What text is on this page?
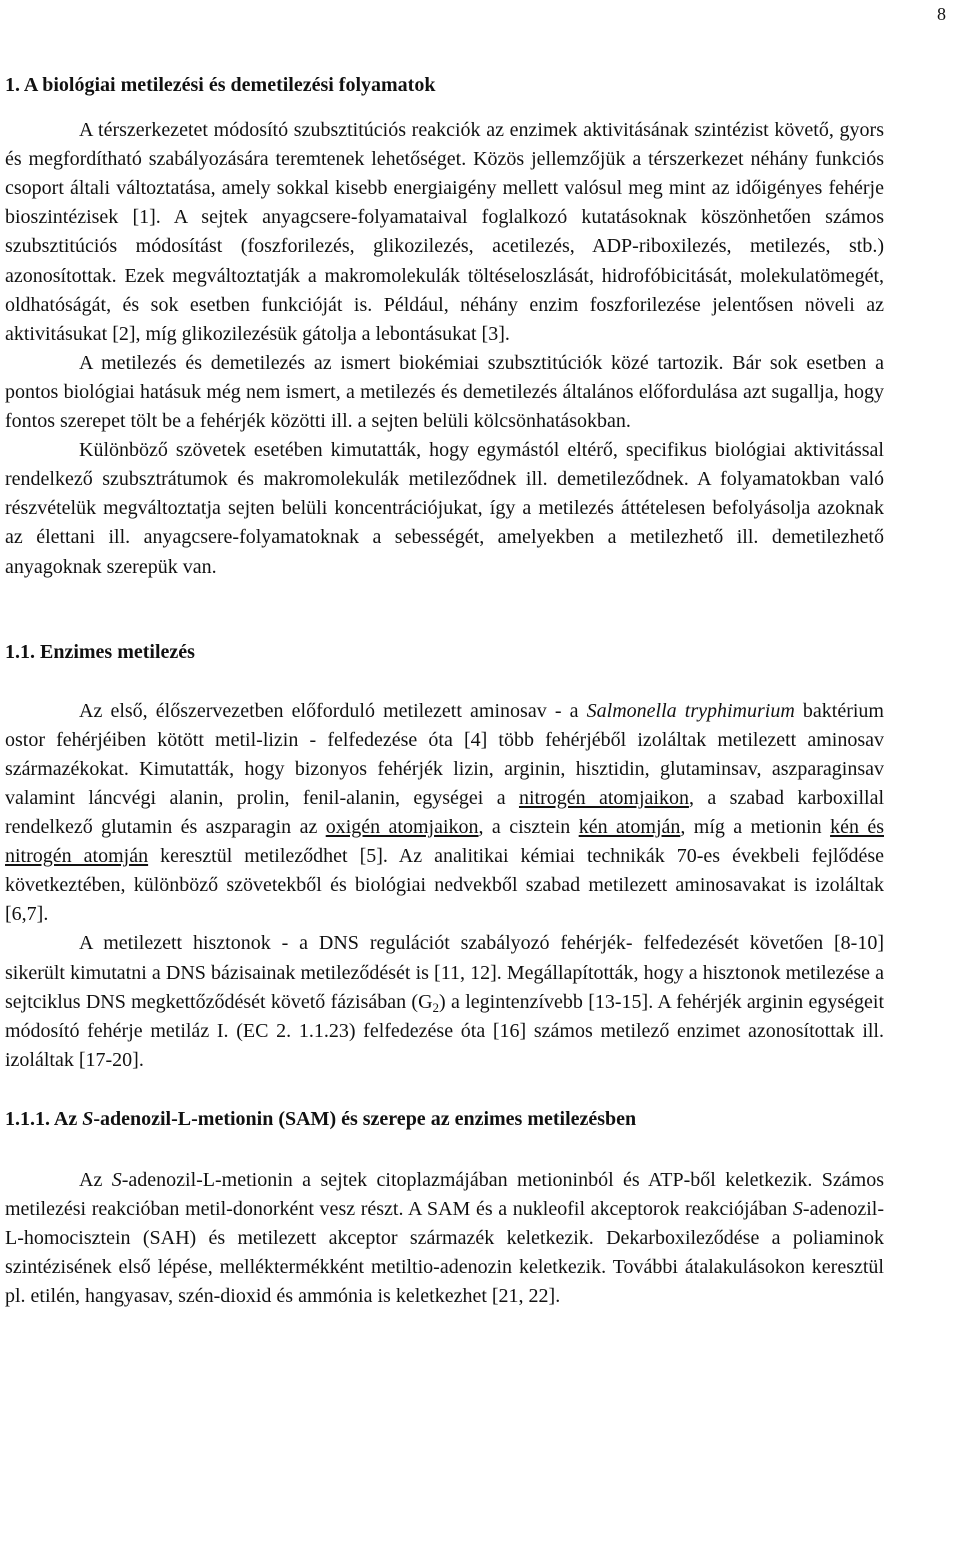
8
1. A biológiai metilezési és demetilezési folyamatok

A térszerkezetet módosító szubsztitúciós reakciók az enzimek aktivitásának szintézist követő, gyors és megfordítható szabályozására teremtenek lehetőséget. Közös jellemzőjük a térszerkezet néhány funkciós csoport általi változtatása, amely sokkal kisebb energiaigény mellett valósul meg mint az időigényes fehérje bioszintézisek [1]. A sejtek anyagcsere-folyamataival foglalkozó kutatásoknak köszönhetően számos szubsztitúciós módosítást (foszforilezés, glikozilezés, acetilezés, ADP-riboxilezés, metilezés, stb.) azonosítottak. Ezek megváltoztatják a makromolekulák töltéseloszlását, hidrofóbicitását, molekulatömegét, oldhatóságát, és sok esetben funkcióját is. Például, néhány enzim foszforilezése jelentősen növeli az aktivitásukat [2], míg glikozilezésük gátolja a lebontásukat [3].

A metilezés és demetilezés az ismert biokémiai szubsztitúciók közé tartozik. Bár sok esetben a pontos biológiai hatásuk még nem ismert, a metilezés és demetilezés általános előfordulása azt sugallja, hogy fontos szerepet tölt be a fehérjék közötti ill. a sejten belüli kölcsönhatásokban.

Különböző szövetek esetében kimutatták, hogy egymástól eltérő, specifikus biológiai aktivitással rendelkező szubsztrátumok és makromolekulák metileződnek ill. demetileződnek. A folyamatokban való részvételük megváltoztatja sejten belüli koncentrációjukat, így a metilezés áttételesen befolyásolja azoknak az élettani ill. anyagcsere-folyamatoknak a sebességét, amelyekben a metilezhető ill. demetilezhető anyagoknak szerepük van.

1.1. Enzimes metilezés

Az első, élőszervezetben előforduló metilezett aminosav - a Salmonella tryphimurium baktérium ostor fehérjéiben kötött metil-lizin - felfedezése óta [4] több fehérjéből izoláltak metilezett aminosav származékokat. Kimutatták, hogy bizonyos fehérjék lizin, arginin, hisztidin, glutaminsav, aszparaginsav valamint láncvégi alanin, prolin, fenil-alanin, egységei a nitrogén atomjaikon, a szabad karboxillal rendelkező glutamin és aszparagin az oxigén atomjaikon, a cisztein kén atomján, míg a metionin kén és nitrogén atomján keresztül metileződhet [5]. Az analitikai kémiai technikák 70-es évekbeli fejlődése következtében, különböző szövetekből és biológiai nedvekből szabad metilezett aminosavakat is izoláltak [6,7].

A metilezett hisztonok - a DNS regulációt szabályozó fehérjék- felfedezését követően [8-10] sikerült kimutatni a DNS bázisainak metileződését is [11, 12]. Megállapították, hogy a hisztonok metilezése a sejtciklus DNS megkettőződését követő fázisában $(G_2)$ a legintenzívebb [13-15]. A fehérjék arginin egységeit módosító fehérje metiláz I. (EC 2. 1.1.23) felfedezése óta [16] számos metilező enzimet azonosítottak ill. izoláltak [17-20].

1.1.1. Az S-adenozil-L-metionin (SAM) és szerepe az enzimes metilezésben

Az S-adenozil-L-metionin a sejtek citoplazmájában metioninból és ATP-ből keletkezik. Számos metilezési reakcióban metil-donorként vesz részt. A SAM és a nukleofil akceptorok reakciójában S-adenozil-L-homocisztein (SAH) és metilezett akceptor származék keletkezik. Dekarboxileződése a poliaminok szintézisének első lépése, melléktermékként metiltio-adenozin keletkezik. További átalakulásokon keresztül pl. etilén, hangyasav, szén-dioxid és ammónia is keletkezhet [21, 22].
